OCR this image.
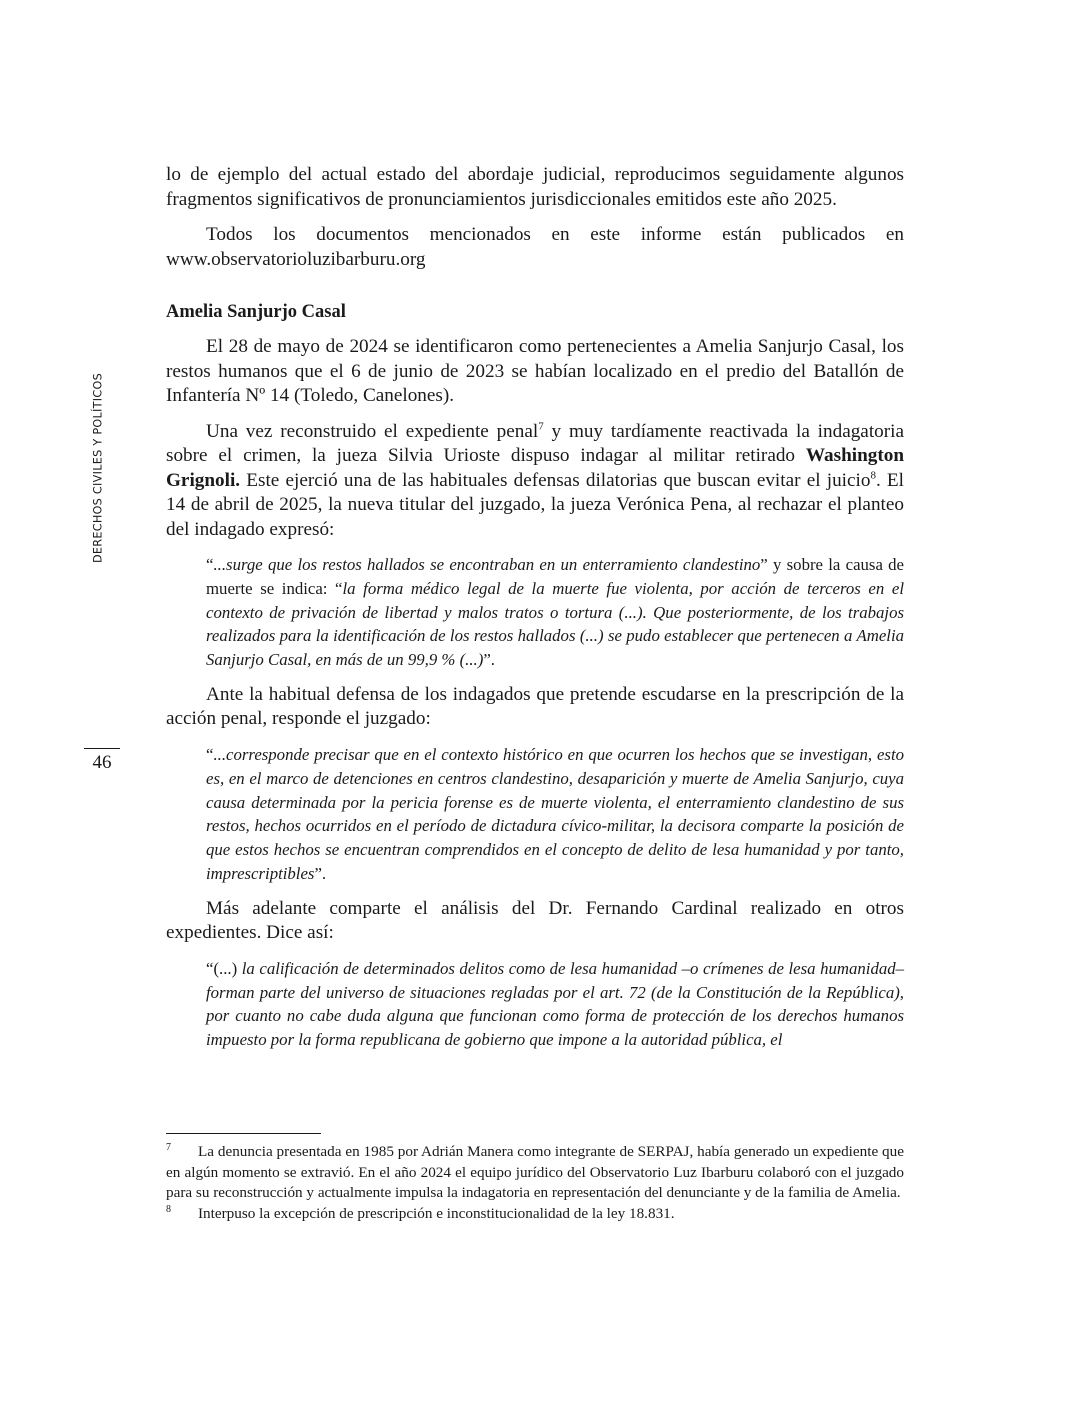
DERECHOS CIVILES Y POLÍTICOS
46

lo de ejemplo del actual estado del abordaje judicial, reproducimos seguidamente algunos fragmentos significativos de pronunciamientos jurisdiccionales emitidos este año 2025.

Todos los documentos mencionados en este informe están publicados en www.observatorioluzibarburu.org

Amelia Sanjurjo Casal

El 28 de mayo de 2024 se identificaron como pertenecientes a Amelia Sanjurjo Casal, los restos humanos que el 6 de junio de 2023 se habían localizado en el predio del Batallón de Infantería Nº 14 (Toledo, Canelones).

Una vez reconstruido el expediente penal$^7$ y muy tardíamente reactivada la indagatoria sobre el crimen, la jueza Silvia Urioste dispuso indagar al militar retirado Washington Grignoli. Este ejerció una de las habituales defensas dilatorias que buscan evitar el juicio$^8$. El 14 de abril de 2025, la nueva titular del juzgado, la jueza Verónica Pena, al rechazar el planteo del indagado expresó:

“...surge que los restos hallados se encontraban en un enterramiento clandestino” y sobre la causa de muerte se indica: “la forma médico legal de la muerte fue violenta, por acción de terceros en el contexto de privación de libertad y malos tratos o tortura (...). Que posteriormente, de los trabajos realizados para la identificación de los restos hallados (...) se pudo establecer que pertenecen a Amelia Sanjurjo Casal, en más de un 99,9 % (...)”.

Ante la habitual defensa de los indagados que pretende escudarse en la prescripción de la acción penal, responde el juzgado:

“...corresponde precisar que en el contexto histórico en que ocurren los hechos que se investigan, esto es, en el marco de detenciones en centros clandestino, desaparición y muerte de Amelia Sanjurjo, cuya causa determinada por la pericia forense es de muerte violenta, el enterramiento clandestino de sus restos, hechos ocurridos en el período de dictadura cívico-militar, la decisora comparte la posición de que estos hechos se encuentran comprendidos en el concepto de delito de lesa humanidad y por tanto, imprescriptibles”.

Más adelante comparte el análisis del Dr. Fernando Cardinal realizado en otros expedientes. Dice así:

“(...) la calificación de determinados delitos como de lesa humanidad –o crímenes de lesa humanidad– forman parte del universo de situaciones regladas por el art. 72 (de la Constitución de la República), por cuanto no cabe duda alguna que funcionan como forma de protección de los derechos humanos impuesto por la forma republicana de gobierno que impone a la autoridad pública, el

7 La denuncia presentada en 1985 por Adrián Manera como integrante de SERPAJ, había generado un expediente que en algún momento se extravió. En el año 2024 el equipo jurídico del Observatorio Luz Ibarburu colaboró con el juzgado para su reconstrucción y actualmente impulsa la indagatoria en representación del denunciante y de la familia de Amelia.

8 Interpuso la excepción de prescripción e inconstitucionalidad de la ley 18.831.
